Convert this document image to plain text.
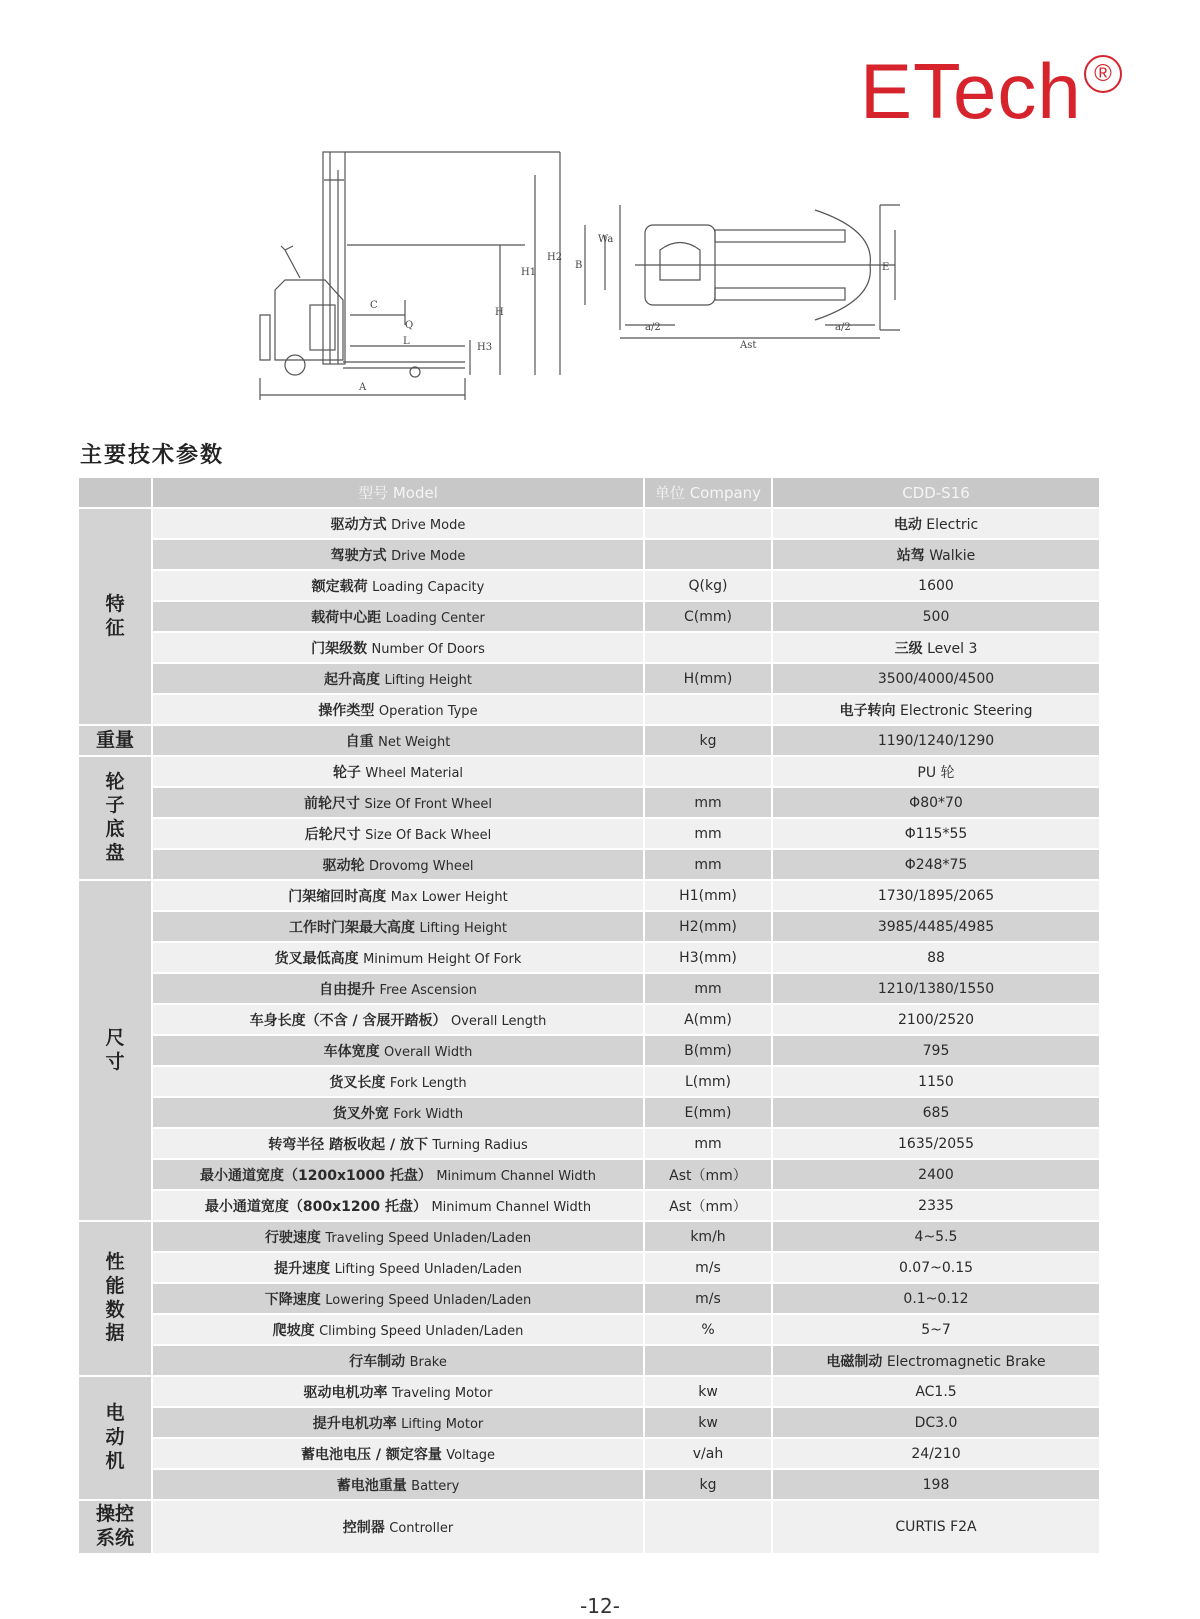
ETech ®
A
C
Q
L
H
H1
H2
H3
B
Wa
E
a/2	a/2
Ast
主要技术参数
	型号 Model	单位 Company	CDD-S16
特
征	驱动方式 Drive Mode		电动 Electric
	驾驶方式 Drive Mode		站驾 Walkie
	额定载荷 Loading Capacity	Q(kg)	1600
	载荷中心距 Loading Center	C(mm)	500
	门架级数 Number Of Doors		三级 Level 3
	起升高度 Lifting Height	H(mm)	3500/4000/4500
	操作类型 Operation Type		电子转向 Electronic Steering
重量	自重 Net Weight	kg	1190/1240/1290
轮
子
底
盘	轮子 Wheel Material		PU 轮
	前轮尺寸 Size Of Front Wheel	mm	Φ80*70
	后轮尺寸 Size Of Back Wheel	mm	Φ115*55
	驱动轮 Drovomg Wheel	mm	Φ248*75
尺
寸	门架缩回时高度 Max Lower Height	H1(mm)	1730/1895/2065
	工作时门架最大高度 Lifting Height	H2(mm)	3985/4485/4985
	货叉最低高度 Minimum Height Of Fork	H3(mm)	88
	自由提升 Free Ascension	mm	1210/1380/1550
	车身长度（不含 / 含展开踏板） Overall Length	A(mm)	2100/2520
	车体宽度 Overall Width	B(mm)	795
	货叉长度 Fork Length	L(mm)	1150
	货叉外宽 Fork Width	E(mm)	685
	转弯半径 踏板收起 / 放下 Turning Radius	mm	1635/2055
	最小通道宽度（1200x1000 托盘） Minimum Channel Width	Ast（mm）	2400
	最小通道宽度（800x1200 托盘） Minimum Channel Width	Ast（mm）	2335
性
能
数
据	行驶速度 Traveling Speed Unladen/Laden	km/h	4~5.5
	提升速度 Lifting Speed Unladen/Laden	m/s	0.07~0.15
	下降速度 Lowering Speed Unladen/Laden	m/s	0.1~0.12
	爬坡度 Climbing Speed Unladen/Laden	%	5~7
	行车制动 Brake		电磁制动 Electromagnetic Brake
电
动
机	驱动电机功率 Traveling Motor	kw	AC1.5
	提升电机功率 Lifting Motor	kw	DC3.0
	蓄电池电压 / 额定容量 Voltage	v/ah	24/210
	蓄电池重量 Battery	kg	198
操控
系统	控制器 Controller		CURTIS F2A
-12-
